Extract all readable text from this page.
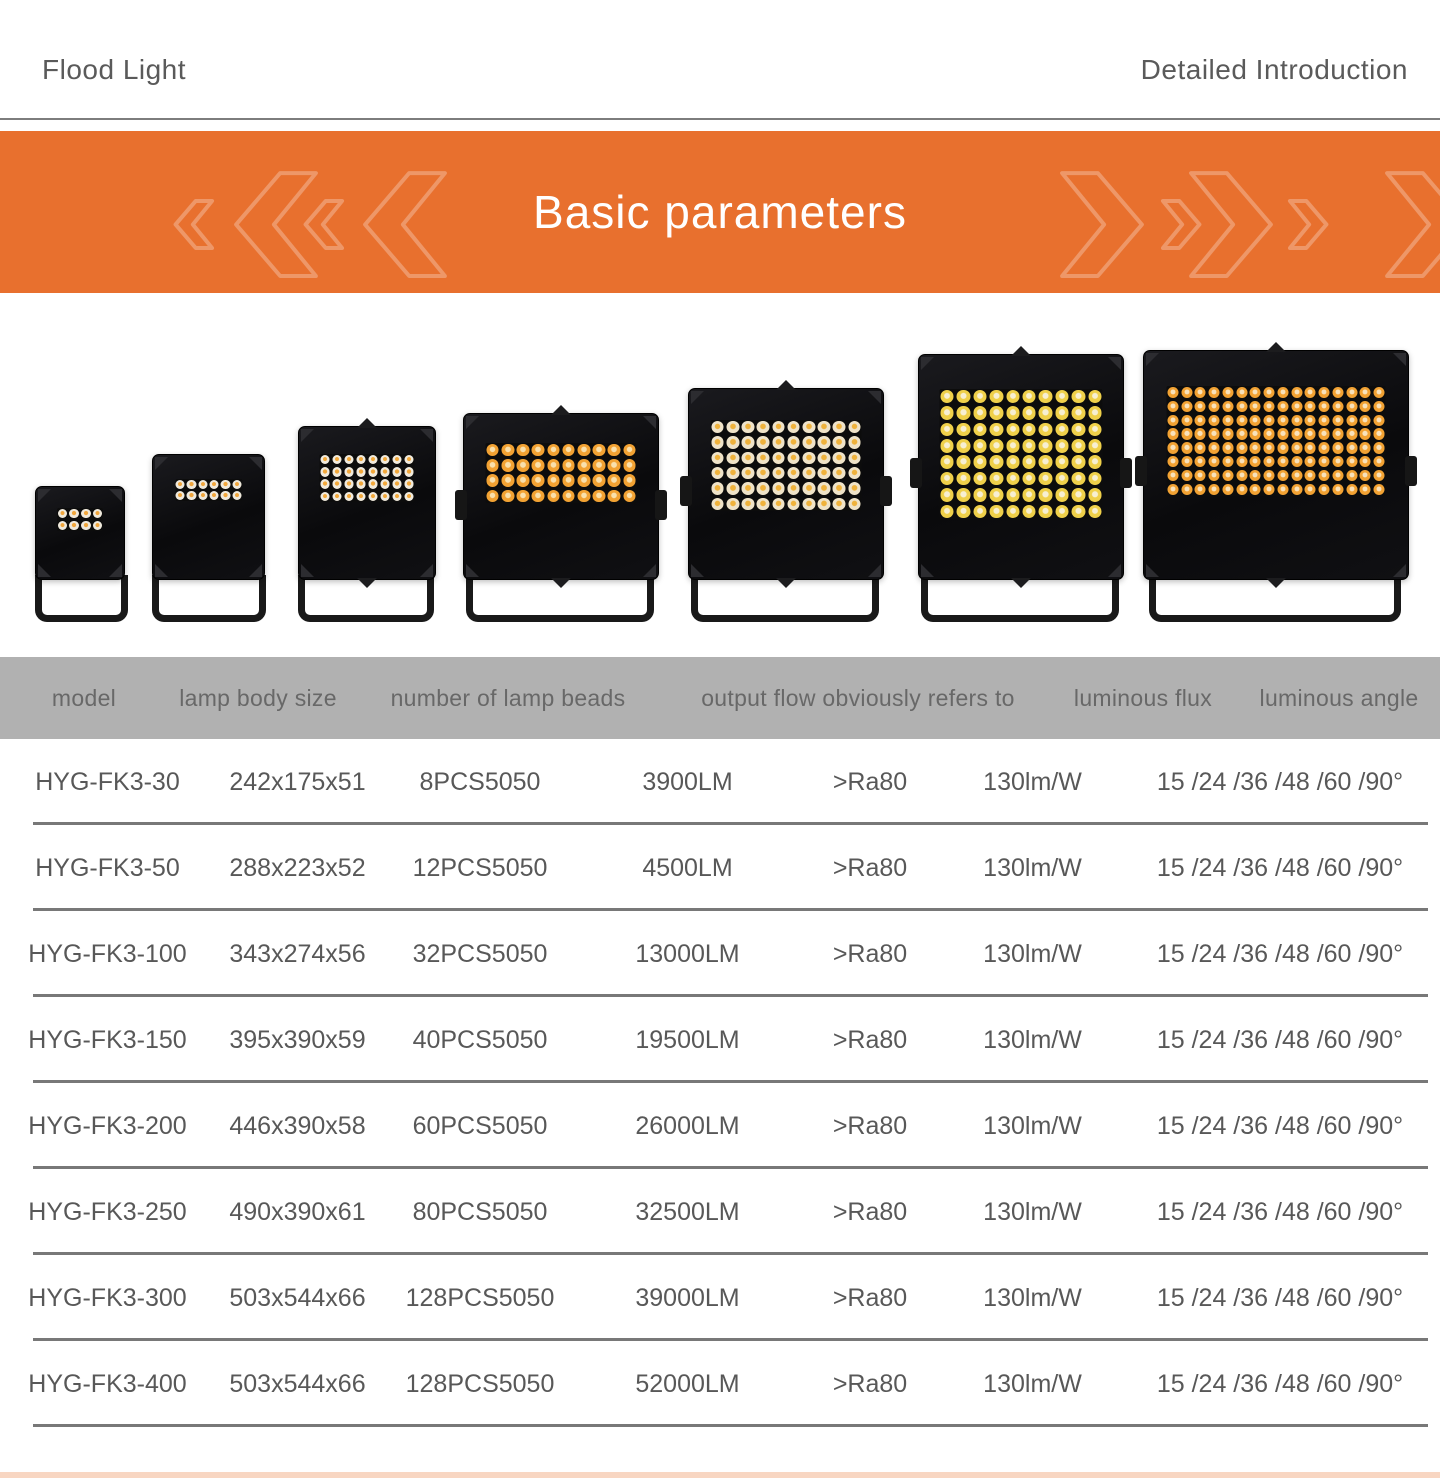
Flood Light	Detailed Introduction
Basic parameters
model	lamp body size	number of lamp beads	output flow obviously refers to	luminous flux	luminous angle
HYG-FK3-30	242x175x51	8PCS5050	3900LM	>Ra80	130lm/W	15 /24 /36 /48 /60 /90°
HYG-FK3-50	288x223x52	12PCS5050	4500LM	>Ra80	130lm/W	15 /24 /36 /48 /60 /90°
HYG-FK3-100	343x274x56	32PCS5050	13000LM	>Ra80	130lm/W	15 /24 /36 /48 /60 /90°
HYG-FK3-150	395x390x59	40PCS5050	19500LM	>Ra80	130lm/W	15 /24 /36 /48 /60 /90°
HYG-FK3-200	446x390x58	60PCS5050	26000LM	>Ra80	130lm/W	15 /24 /36 /48 /60 /90°
HYG-FK3-250	490x390x61	80PCS5050	32500LM	>Ra80	130lm/W	15 /24 /36 /48 /60 /90°
HYG-FK3-300	503x544x66	128PCS5050	39000LM	>Ra80	130lm/W	15 /24 /36 /48 /60 /90°
HYG-FK3-400	503x544x66	128PCS5050	52000LM	>Ra80	130lm/W	15 /24 /36 /48 /60 /90°
